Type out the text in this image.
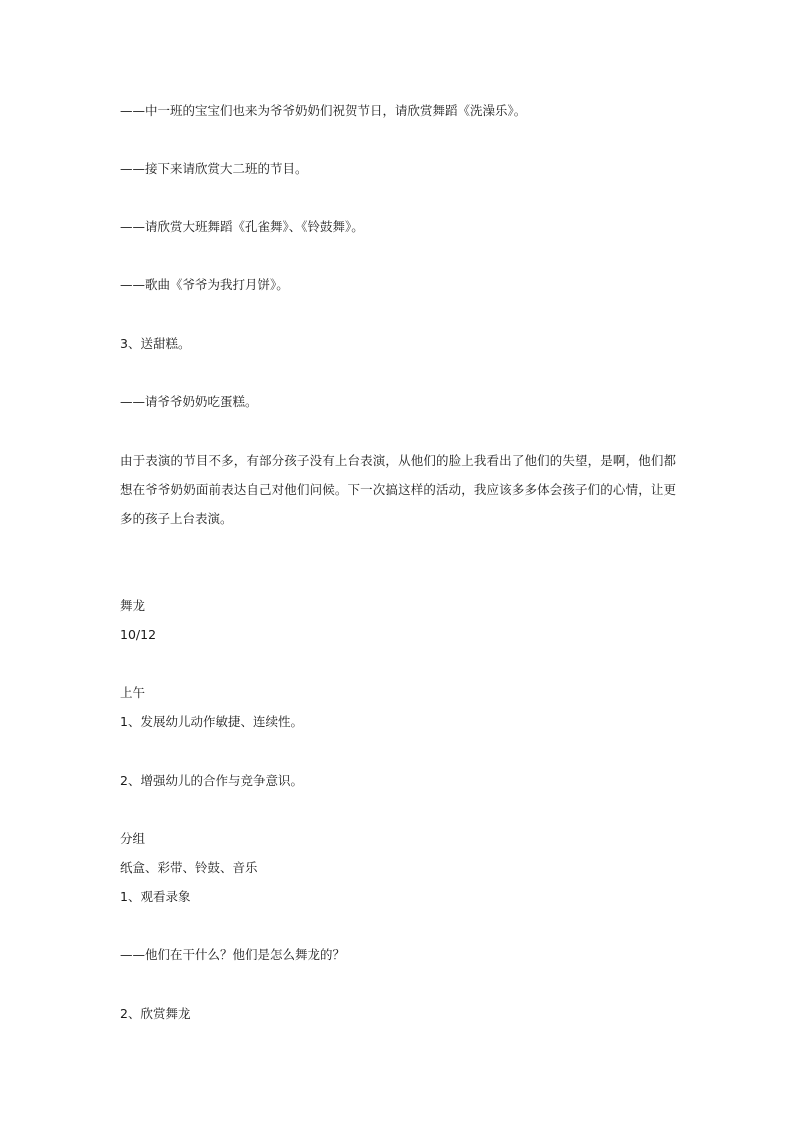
——中一班的宝宝们也来为爷爷奶奶们祝贺节日，请欣赏舞蹈《洗澡乐》。
——接下来请欣赏大二班的节目。
——请欣赏大班舞蹈《孔雀舞》、《铃鼓舞》。
——歌曲《爷爷为我打月饼》。
3、送甜糕。
——请爷爷奶奶吃蛋糕。
由于表演的节目不多，有部分孩子没有上台表演，从他们的脸上我看出了他们的失望，是啊，他们都想在爷爷奶奶面前表达自己对他们问候。下一次搞这样的活动，我应该多多体会孩子们的心情，让更多的孩子上台表演。
舞龙
10/12
上午
1、发展幼儿动作敏捷、连续性。
2、增强幼儿的合作与竞争意识。
分组
纸盒、彩带、铃鼓、音乐
1、观看录象
——他们在干什么？他们是怎么舞龙的？
2、欣赏舞龙
